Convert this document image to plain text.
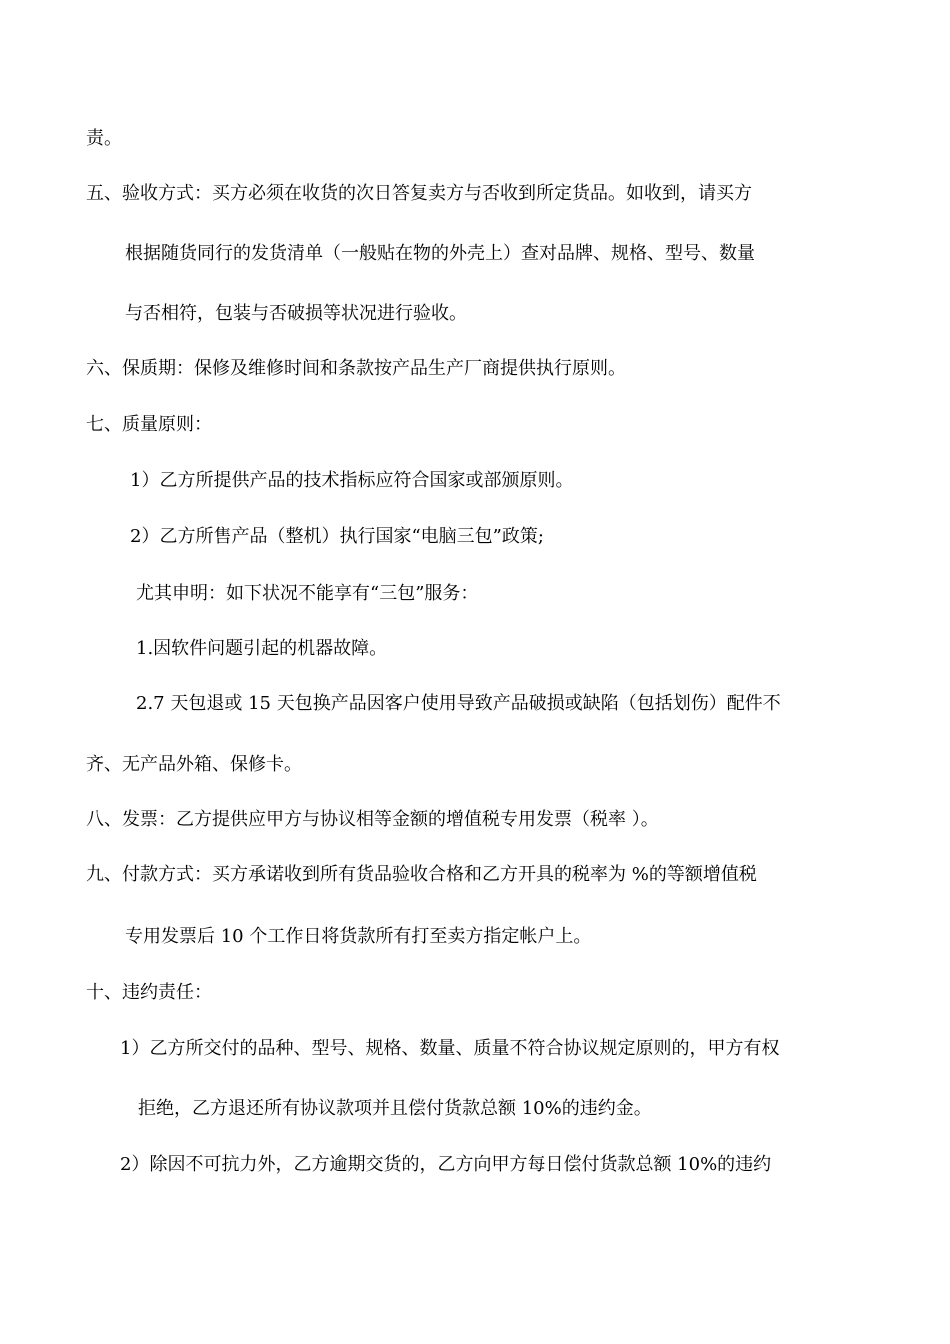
责。
五、验收方式：买方必须在收货的次日答复卖方与否收到所定货品。如收到，请买方
根据随货同行的发货清单（一般贴在物的外壳上）查对品牌、规格、型号、数量
与否相符，包装与否破损等状况进行验收。
六、保质期：保修及维修时间和条款按产品生产厂商提供执行原则。
七、质量原则：
1）乙方所提供产品的技术指标应符合国家或部颁原则。
2）乙方所售产品（整机）执行国家“电脑三包”政策;
尤其申明：如下状况不能享有“三包”服务：
1.因软件问题引起的机器故障。
2.7 天包退或 15 天包换产品因客户使用导致产品破损或缺陷（包括划伤）配件不
齐、无产品外箱、保修卡。
八、发票：乙方提供应甲方与协议相等金额的增值税专用发票（税率 ）。
九、付款方式：买方承诺收到所有货品验收合格和乙方开具的税率为 %的等额增值税
专用发票后 10 个工作日将货款所有打至卖方指定帐户上。
十、违约责任：
1）乙方所交付的品种、型号、规格、数量、质量不符合协议规定原则的，甲方有权
拒绝，乙方退还所有协议款项并且偿付货款总额 10%的违约金。
2）除因不可抗力外，乙方逾期交货的，乙方向甲方每日偿付货款总额 10%的违约
